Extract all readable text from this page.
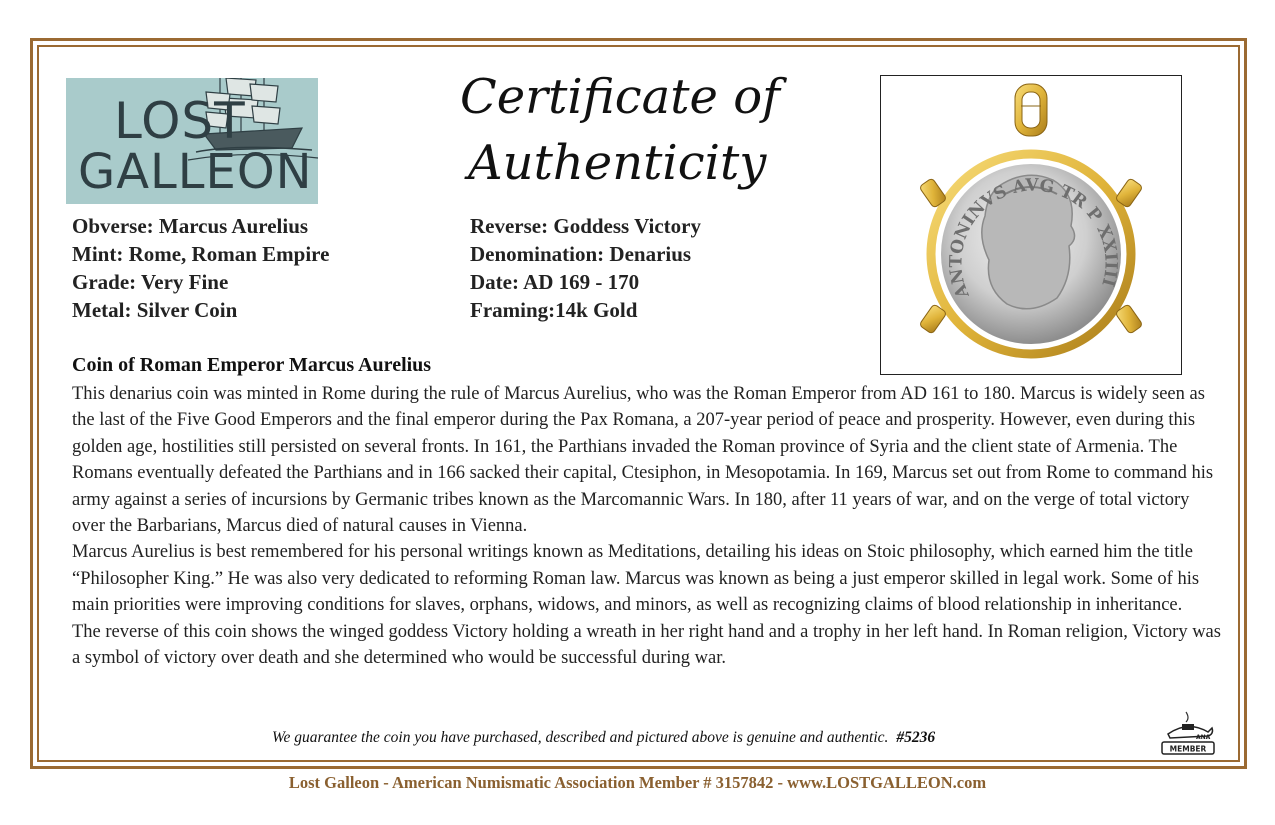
LOST
GALLEON
Certificate of
Authenticity
ANTONINVS AVG TR P XXIIII
Obverse: Marcus Aurelius
Mint: Rome, Roman Empire
Grade: Very Fine
Metal: Silver Coin
Reverse: Goddess Victory
Denomination: Denarius
Date: AD 169 - 170
Framing:14k Gold
Coin of Roman Emperor Marcus Aurelius

This denarius coin was minted in Rome during the rule of Marcus Aurelius, who was the Roman Emperor from AD 161 to 180. Marcus is widely seen as the last of the Five Good Emperors and the final emperor during the Pax Romana, a 207-year period of peace and prosperity. However, even during this golden age, hostilities still persisted on several fronts. In 161, the Parthians invaded the Roman province of Syria and the client state of Armenia. The Romans eventually defeated the Parthians and in 166 sacked their capital, Ctesiphon, in Mesopotamia. In 169, Marcus set out from Rome to command his army against a series of incursions by Germanic tribes known as the Marcomannic Wars. In 180, after 11 years of war, and on the verge of total victory over the Barbarians, Marcus died of natural causes in Vienna.

Marcus Aurelius is best remembered for his personal writings known as Meditations, detailing his ideas on Stoic philosophy, which earned him the title “Philosopher King.” He was also very dedicated to reforming Roman law. Marcus was known as being a just emperor skilled in legal work. Some of his main priorities were improving conditions for slaves, orphans, widows, and minors, as well as recognizing claims of blood relationship in inheritance.

The reverse of this coin shows the winged goddess Victory holding a wreath in her right hand and a trophy in her left hand. In Roman religion, Victory was a symbol of victory over death and she determined who would be successful during war.

We guarantee the coin you have purchased, described and pictured above is genuine and authentic. #5236	ANA
MEMBER
Lost Galleon - American Numismatic Association Member # 3157842 - www.LOSTGALLEON.com
